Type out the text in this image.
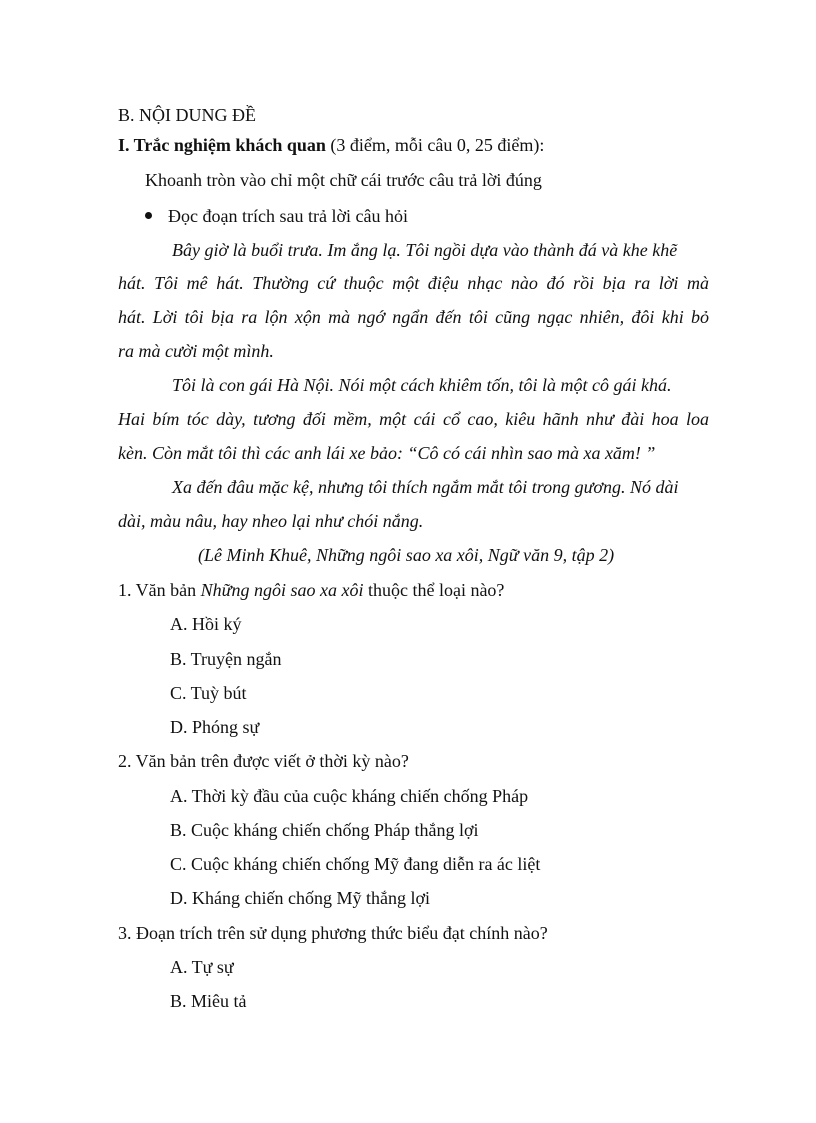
B. NỘI DUNG ĐỀ
I. Trắc nghiệm khách quan (3 điểm, mỗi câu 0, 25 điểm):
Khoanh tròn vào chỉ một chữ cái trước câu trả lời đúng
Đọc đoạn trích sau trả lời câu hỏi
Bây giờ là buổi trưa. Im ắng lạ. Tôi ngồi dựa vào thành đá và khe khẽ
hát. Tôi mê hát. Thường cứ thuộc một điệu nhạc nào đó rồi bịa ra lời mà
hát. Lời tôi bịa ra lộn xộn mà ngớ ngẩn đến tôi cũng ngạc nhiên, đôi khi bỏ
ra mà cười một mình.
Tôi là con gái Hà Nội. Nói một cách khiêm tốn, tôi là một cô gái khá.
Hai bím tóc dày, tương đối mềm, một cái cổ cao, kiêu hãnh như đài hoa loa
kèn. Còn mắt tôi thì các anh lái xe bảo: “Cô có cái nhìn sao mà xa xăm! ”
Xa đến đâu mặc kệ, nhưng tôi thích ngắm mắt tôi trong gương. Nó dài
dài, màu nâu, hay nheo lại như chói nắng.
(Lê Minh Khuê, Những ngôi sao xa xôi, Ngữ văn 9, tập 2)
1. Văn bản Những ngôi sao xa xôi thuộc thể loại nào?
A. Hồi ký
B. Truyện ngắn
C. Tuỳ bút
D. Phóng sự
2. Văn bản trên được viết ở thời kỳ nào?
A. Thời kỳ đầu của cuộc kháng chiến chống Pháp
B. Cuộc kháng chiến chống Pháp thắng lợi
C. Cuộc kháng chiến chống Mỹ đang diễn ra ác liệt
D. Kháng chiến chống Mỹ thắng lợi
3. Đoạn trích trên sử dụng phương thức biểu đạt chính nào?
A. Tự sự
B. Miêu tả
